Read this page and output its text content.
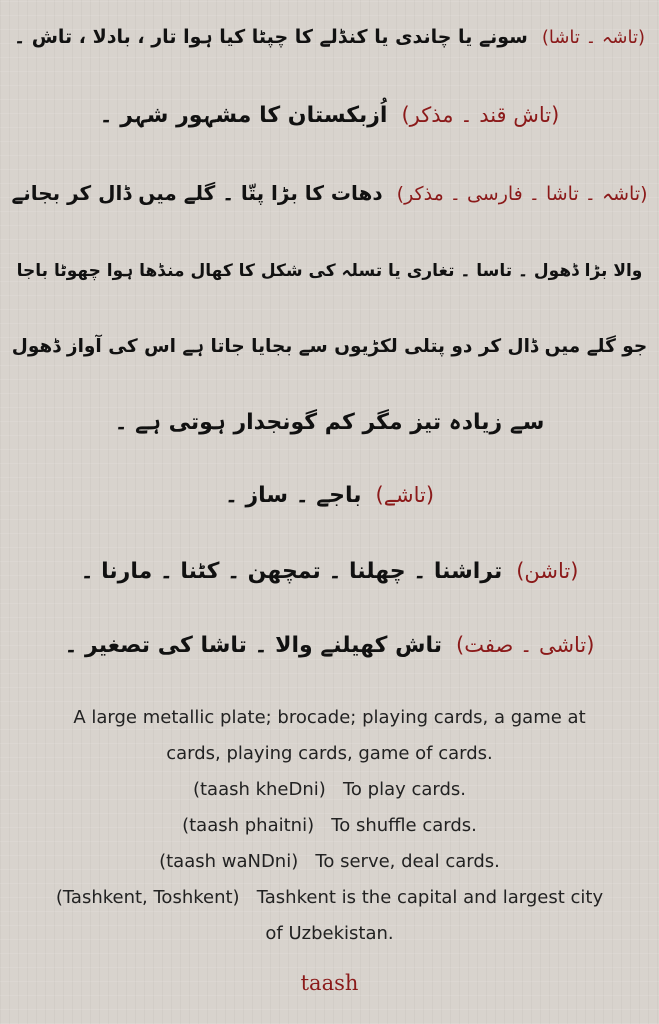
(تاشہ ۔ تاشا)سونے یا چاندی یا کنڈلے کا چپٹا کیا ہوا تار ، بادلا ، تاش ۔
(تاش قند ۔ مذکر)اُزبکستان کا مشہور شہر ۔
(تاشہ ۔ تاشا ۔ فارسی ۔ مذکر)دھات کا بڑا پتّا ۔ گلے میں ڈال کر بجانے
والا بڑا ڈھول ۔ تاسا ۔ تغاری یا تسلہ کی شکل کا کھال منڈھا ہوا چھوٹا باجا
جو گلے میں ڈال کر دو پتلی لکڑیوں سے بجایا جاتا ہے اس کی آواز ڈھول
سے زیادہ تیز مگر کم گونجدار ہوتی ہے ۔
(تاشے)باجے ۔ ساز ۔
(تاشن)تراشنا ۔ چھلنا ۔ تمچھن ۔ کٹنا ۔ مارنا ۔
(تاشی ۔ صفت)تاش کھیلنے والا ۔ تاشا کی تصغیر ۔
A large metallic plate; brocade; playing cards, a game at
cards, playing cards, game of cards.
(taash kheDni) To play cards.
(taash phaitni) To shuffle cards.
(taash waNDni) To serve, deal cards.
(Tashkent, Toshkent) Tashkent is the capital and largest city
of Uzbekistan.
taash
